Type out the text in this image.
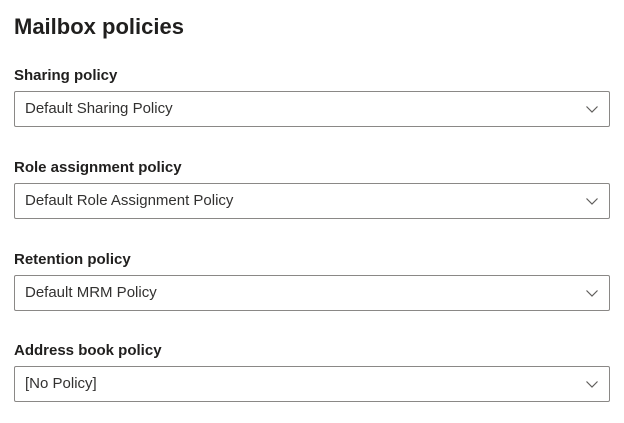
Mailbox policies
Sharing policy
Default Sharing Policy
Role assignment policy
Default Role Assignment Policy
Retention policy
Default MRM Policy
Address book policy
[No Policy]
